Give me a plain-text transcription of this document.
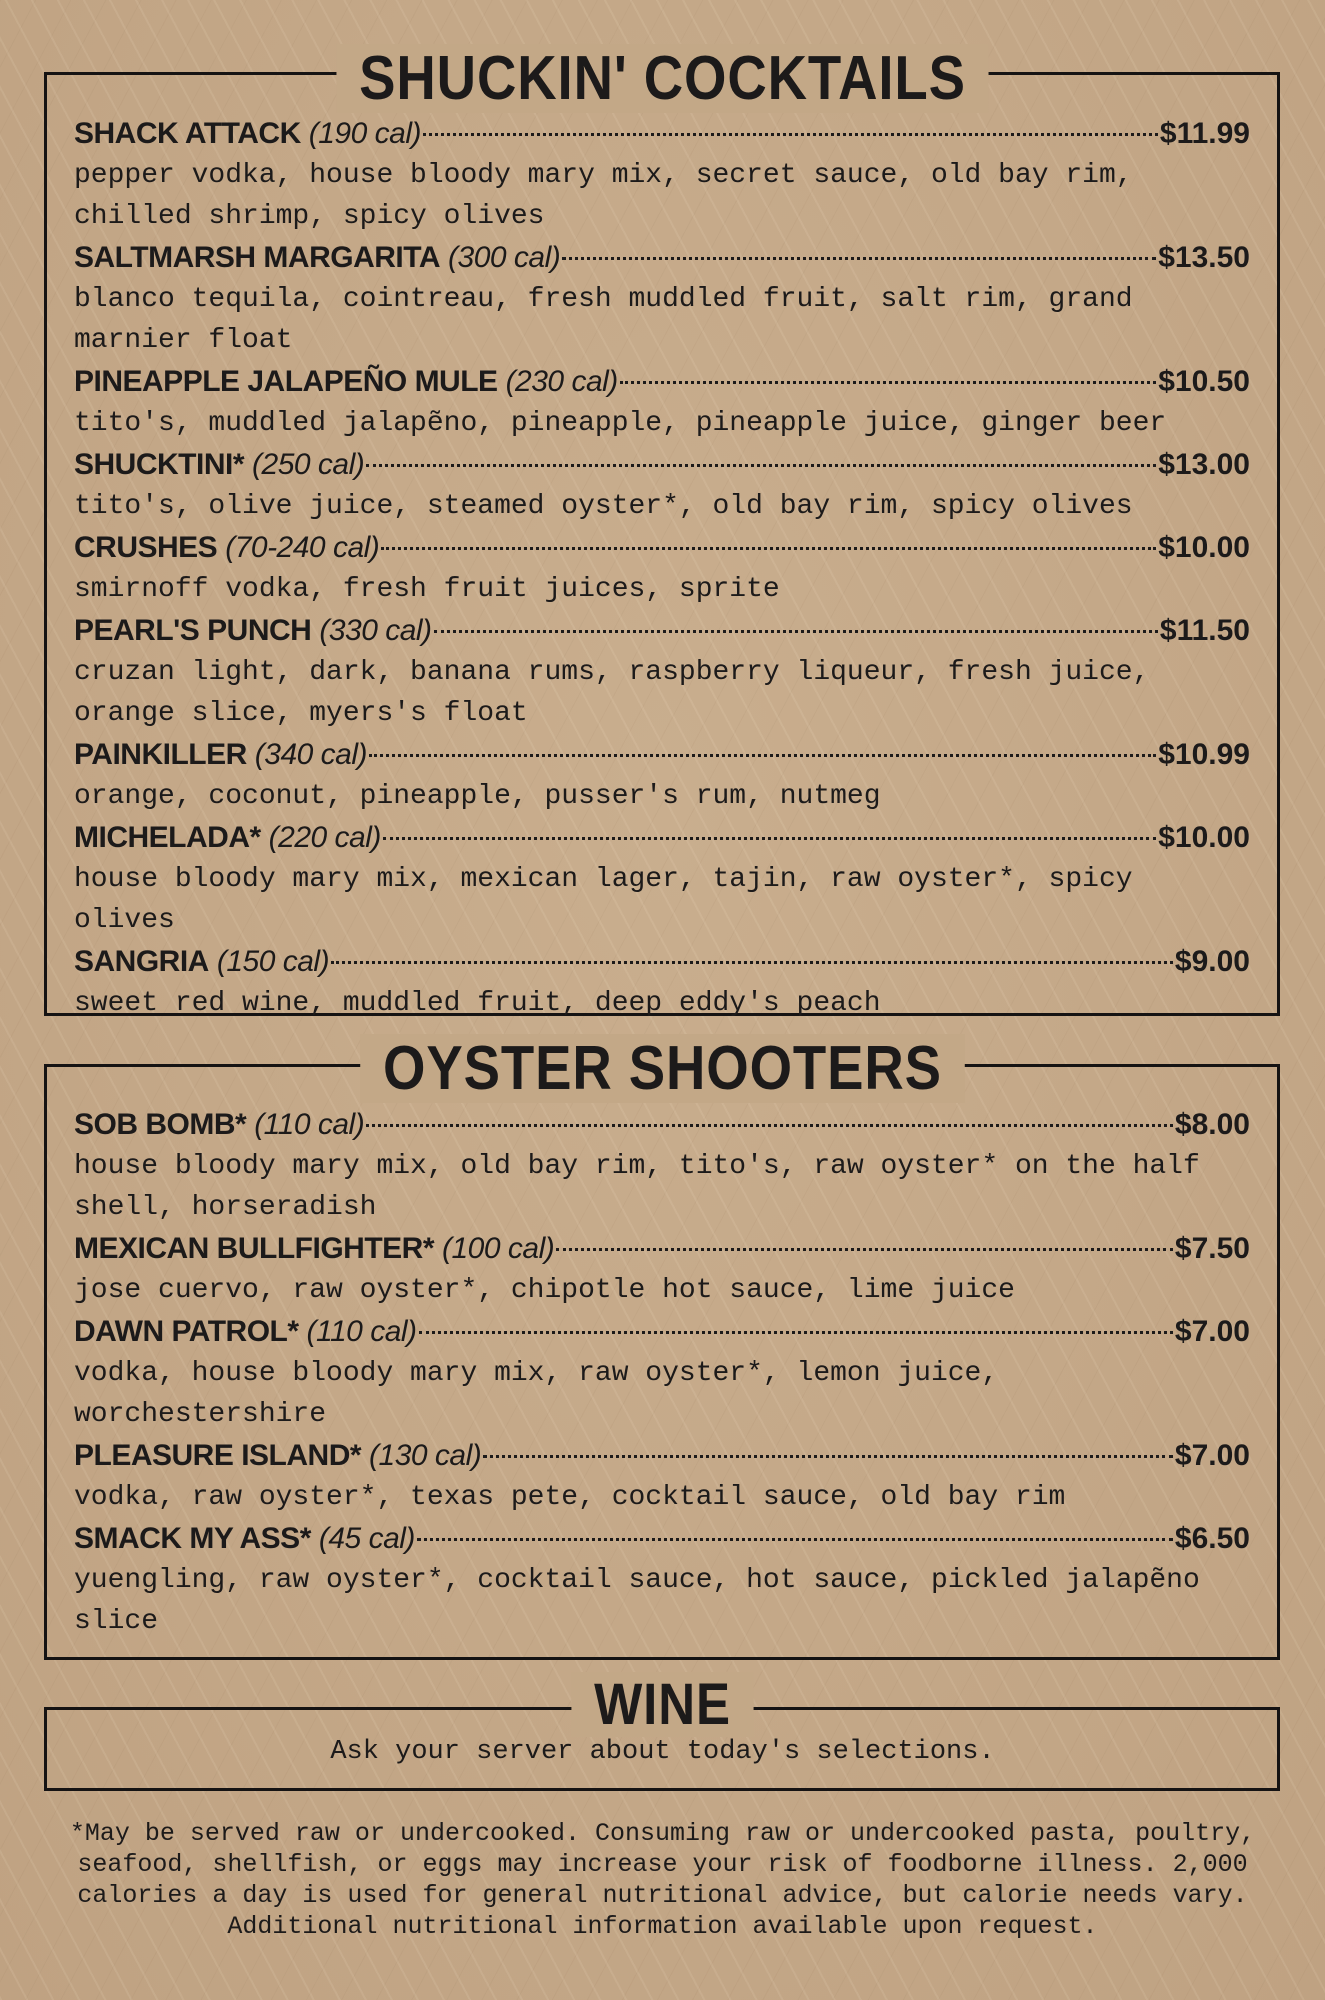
SHUCKIN' COCKTAILS
SHACK ATTACK (190 cal)	$11.99
pepper vodka, house bloody mary mix, secret sauce, old bay rim, chilled shrimp, spicy olives
SALTMARSH MARGARITA (300 cal)	$13.50
blanco tequila, cointreau, fresh muddled fruit, salt rim, grand marnier float
PINEAPPLE JALAPEÑO MULE (230 cal)	$10.50
tito's, muddled jalapẽno, pineapple, pineapple juice, ginger beer
SHUCKTINI* (250 cal)	$13.00
tito's, olive juice, steamed oyster*, old bay rim, spicy olives
CRUSHES (70-240 cal)	$10.00
smirnoff vodka, fresh fruit juices, sprite
PEARL'S PUNCH (330 cal)	$11.50
cruzan light, dark, banana rums, raspberry liqueur, fresh juice, orange slice, myers's float
PAINKILLER (340 cal)	$10.99
orange, coconut, pineapple, pusser's rum, nutmeg
MICHELADA* (220 cal)	$10.00
house bloody mary mix, mexican lager, tajin, raw oyster*, spicy olives
SANGRIA (150 cal)	$9.00
sweet red wine, muddled fruit, deep eddy's peach
OYSTER SHOOTERS
SOB BOMB* (110 cal)	$8.00
house bloody mary mix, old bay rim, tito's, raw oyster* on the half shell, horseradish
MEXICAN BULLFIGHTER* (100 cal)	$7.50
jose cuervo, raw oyster*, chipotle hot sauce, lime juice
DAWN PATROL* (110 cal)	$7.00
vodka, house bloody mary mix, raw oyster*, lemon juice, worchestershire
PLEASURE ISLAND* (130 cal)	$7.00
vodka, raw oyster*, texas pete, cocktail sauce, old bay rim
SMACK MY ASS* (45 cal)	$6.50
yuengling, raw oyster*, cocktail sauce, hot sauce, pickled jalapẽno slice
WINE
Ask your server about today's selections.
*May be served raw or undercooked. Consuming raw or undercooked pasta, poultry, seafood, shellfish, or eggs may increase your risk of foodborne illness. 2,000 calories a day is used for general nutritional advice, but calorie needs vary. Additional nutritional information available upon request.
